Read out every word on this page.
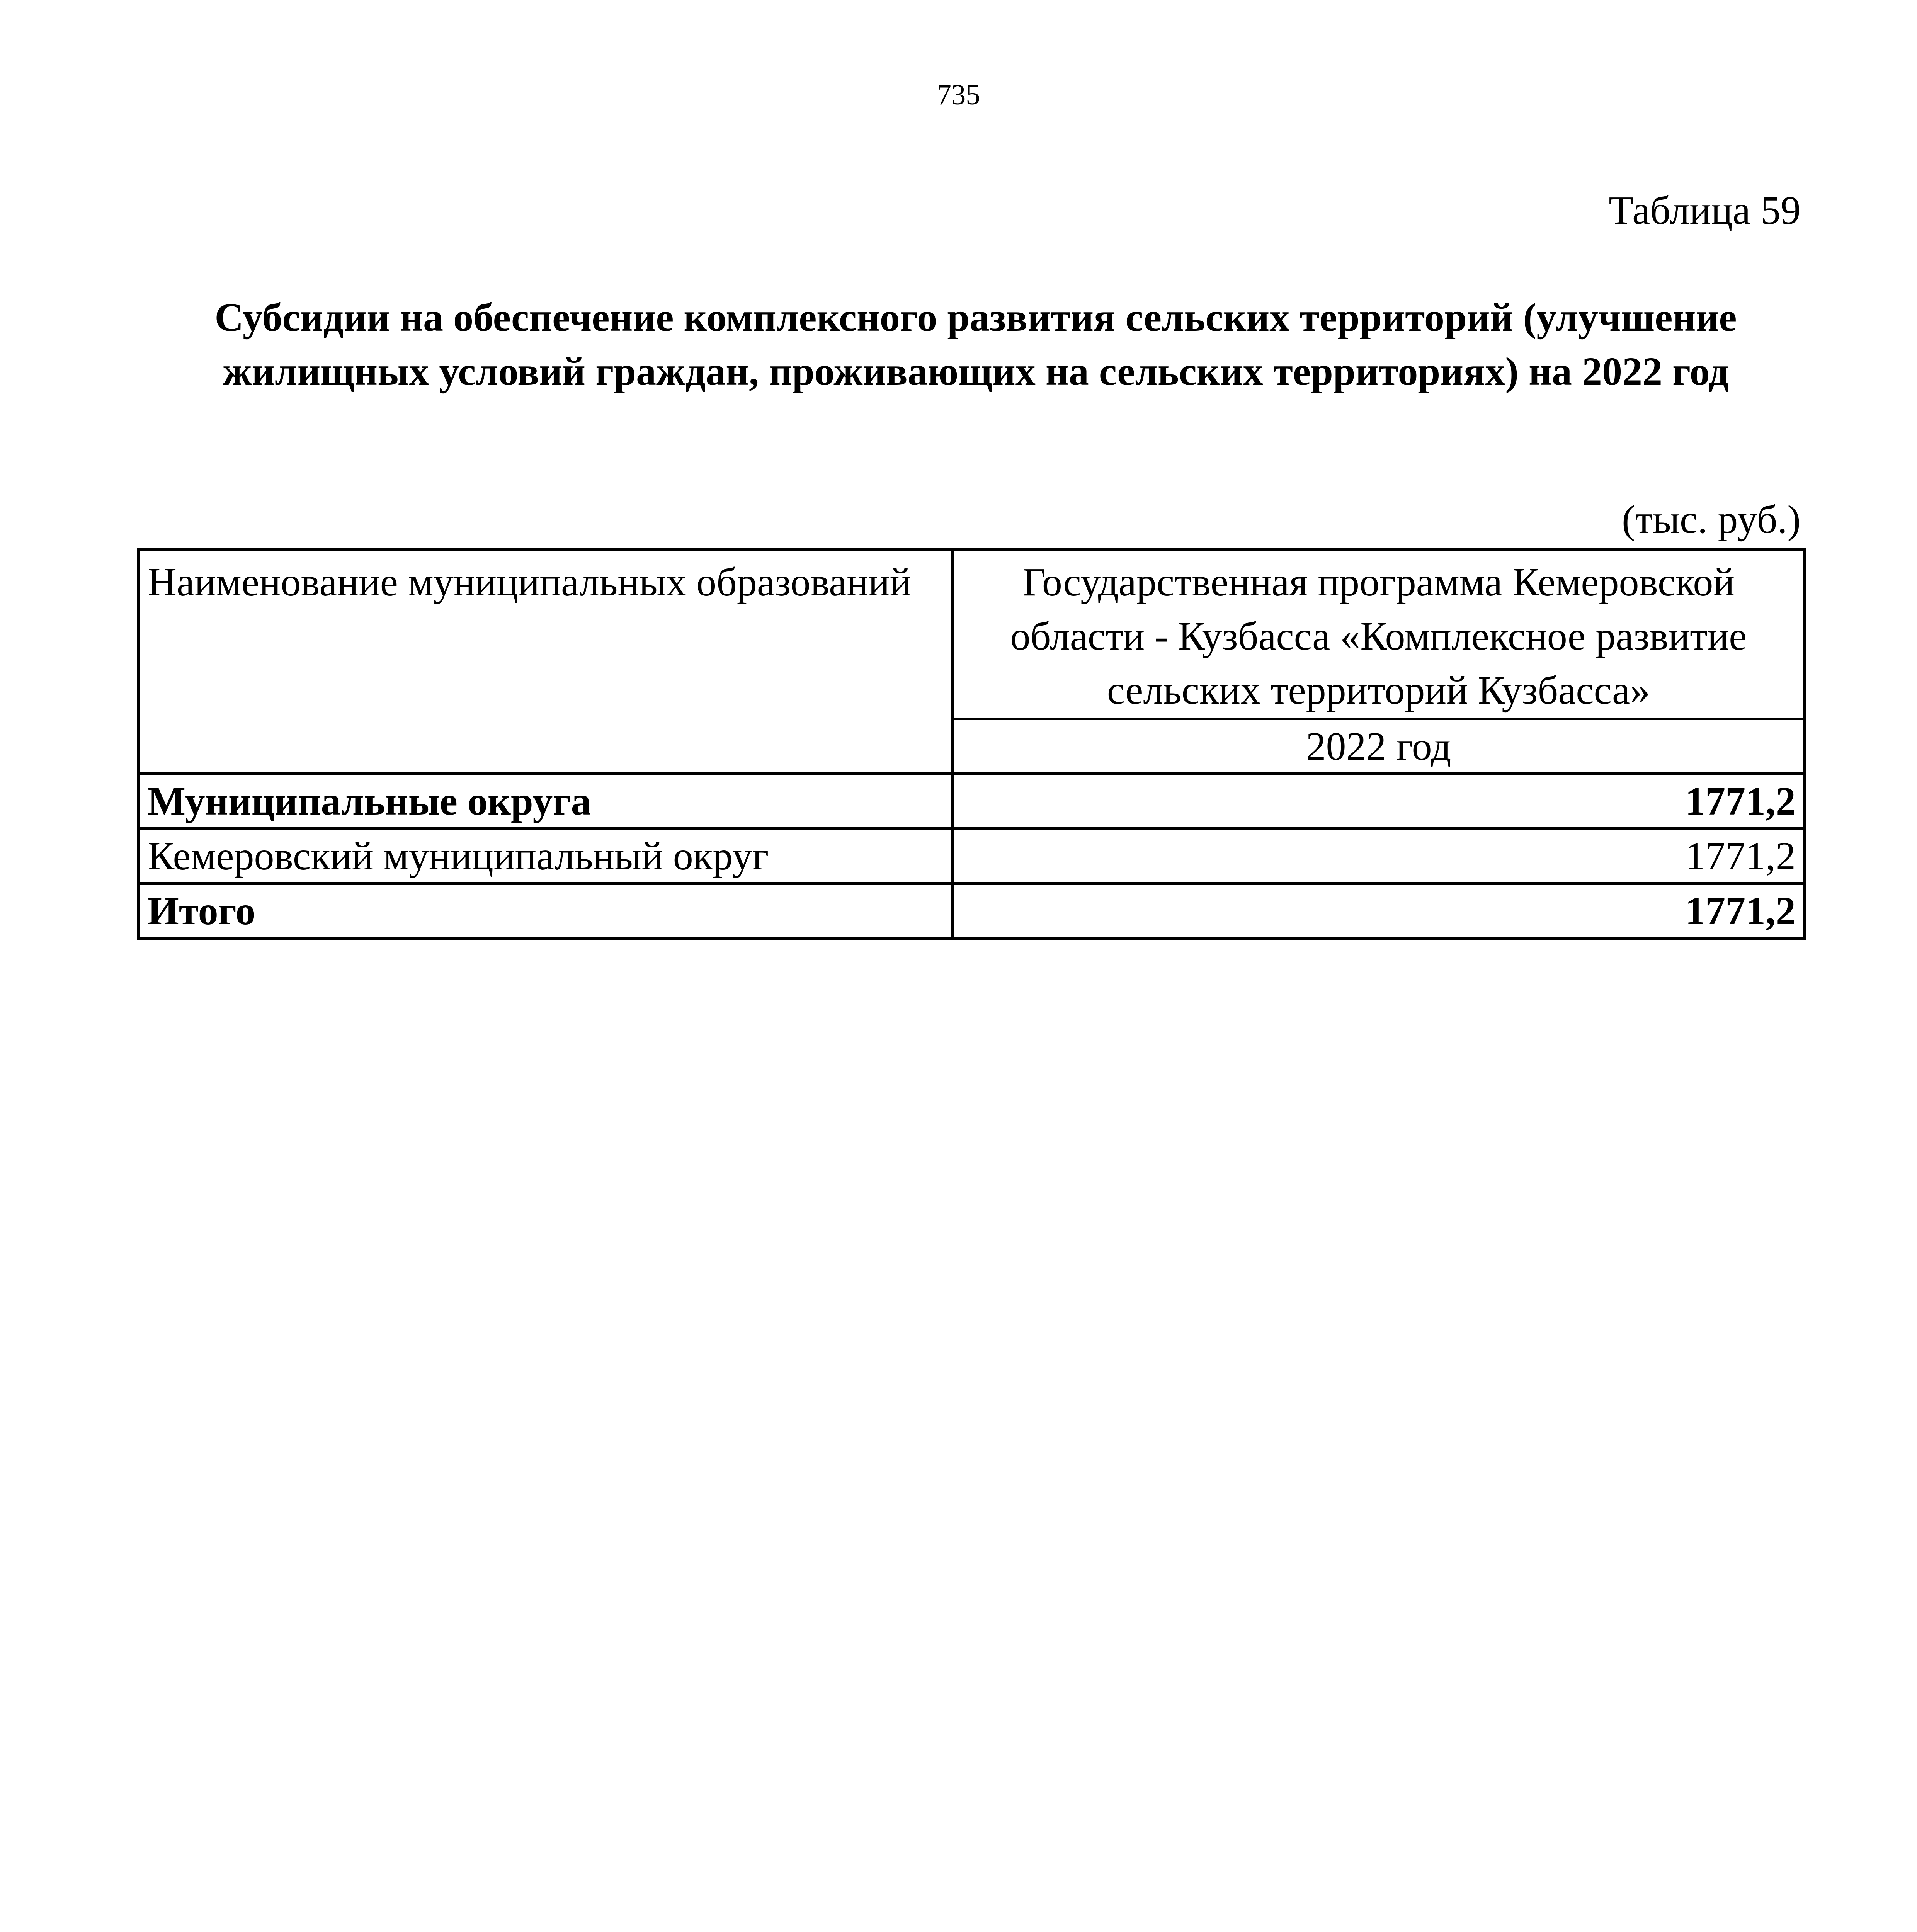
735
Таблица 59
Субсидии на обеспечение комплексного развития сельских территорий (улучшение жилищных условий граждан, проживающих на сельских территориях) на 2022 год
(тыс. руб.)
Наименование муниципальных образований	Государственная программа Кемеровской области - Кузбасса «Комплексное развитие сельских территорий Кузбасса»
	2022 год
Муниципальные округа	1771,2
Кемеровский муниципальный округ	1771,2
Итого	1771,2
